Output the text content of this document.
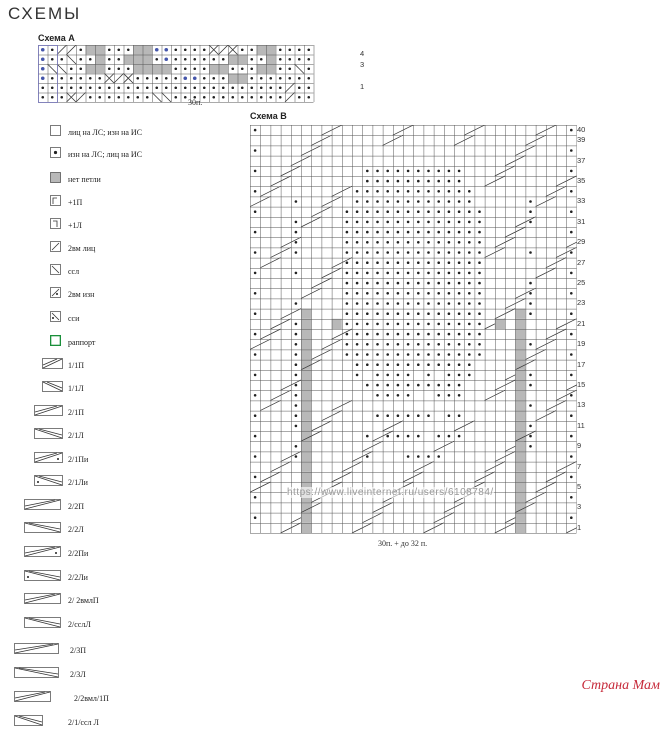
СХЕМЫ
Схема А
4
3
1
30п.
Схема В
40
39
37
35
33
31
29
27
25
23
21
19
17
15
13
11
9
7
5
3
1
30п. + до 32 п.
лиц на ЛС; изн на ИС
изн на ЛС; лиц на ИС
нет петли
+1П
+1Л
2вм лиц
сcл
2вм изн
сси
раппорт
1/1П
1/1Л
2/1П
2/1Л
2/1Пи
2/1Ли
2/2П
2/2Л
2/2Пи
2/2Ли
2/ 2вмлП
2/cслЛ
2/3П
2/3Л
2/2вмл/1П
2/1/cсл Л
https://www.liveinternet.ru/users/6108784/
Страна Мам
